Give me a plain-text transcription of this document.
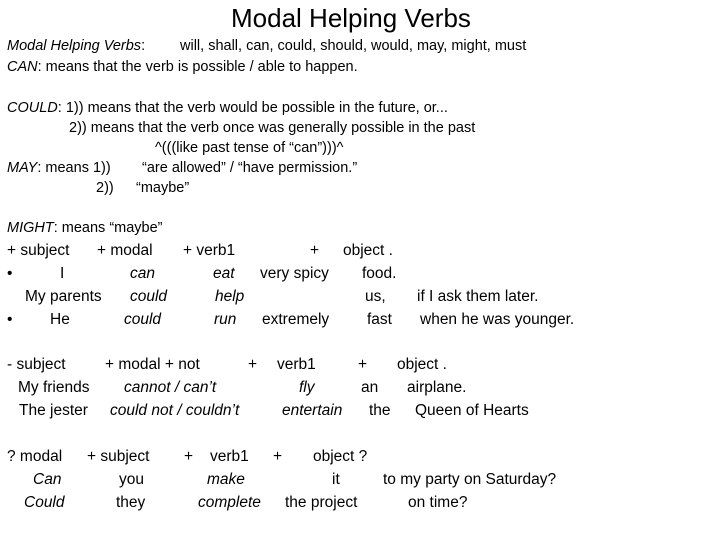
Modal Helping Verbs
Modal Helping Verbs: will, shall, can, could, should, would, may, might, must
CAN: means that the verb is possible / able to happen.
COULD: 1)) means that the verb would be possible in the future, or...
2)) means that the verb once was generally possible in the past
^(((like past tense of “can”)))^
MAY: means 1)) “are allowed” / “have permission.”
2)) “maybe”
MIGHT: means “maybe”
+ subject + modal + verb1	+ object .
•	I	can	eat very spicy food.
My parents could	help	us, if I ask them later.
• He	could	run extremely fast when he was younger.
- subject	+ modal + not	+ verb1	+ object .
My friends cannot / can’t	fly	an airplane.
The jester could not / couldn’t	entertain the Queen of Hearts
? modal + subject + verb1 + object ?
Can	you	make	it	to my party on Saturday?
Could	they	complete the project	on time?
